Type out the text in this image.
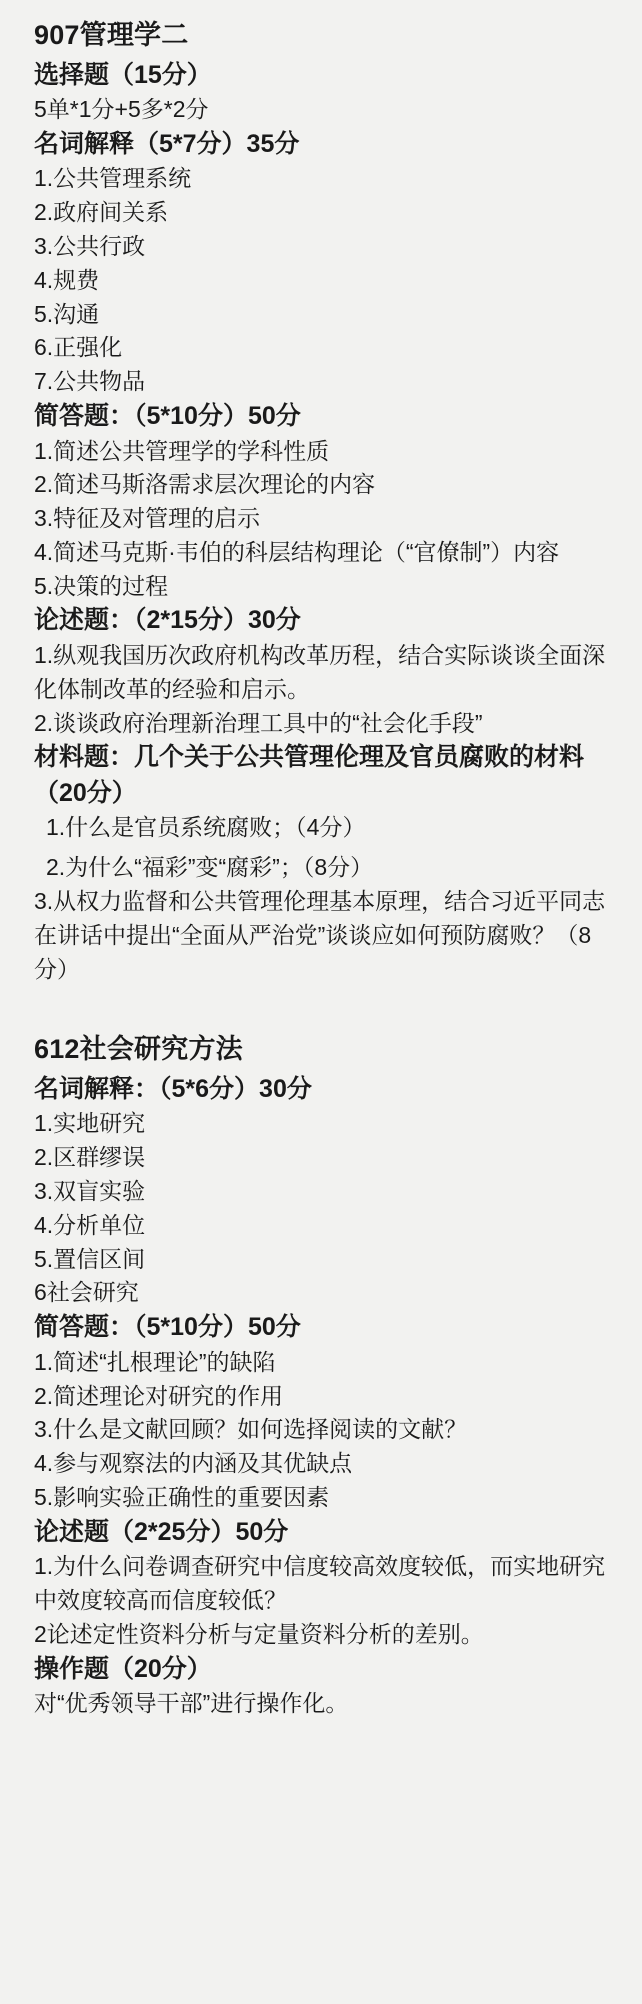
907管理学二
选择题（15分）
5单*1分+5多*2分
名词解释（5*7分）35分
1.公共管理系统
2.政府间关系
3.公共行政
4.规费
5.沟通
6.正强化
7.公共物品
简答题：（5*10分）50分
1.简述公共管理学的学科性质
2.简述马斯洛需求层次理论的内容
3.特征及对管理的启示
4.简述马克斯·韦伯的科层结构理论（“官僚制”）内容
5.决策的过程
论述题：（2*15分）30分
1.纵观我国历次政府机构改革历程，结合实际谈谈全面深化体制改革的经验和启示。
2.谈谈政府治理新治理工具中的“社会化手段”
材料题：几个关于公共管理伦理及官员腐败的材料（20分）
1.什么是官员系统腐败；（4分）
2.为什么“福彩”变“腐彩”；（8分）
3.从权力监督和公共管理伦理基本原理，结合习近平同志在讲话中提出“全面从严治党”谈谈应如何预防腐败？（8分）
612社会研究方法
名词解释：（5*6分）30分
1.实地研究
2.区群缪误
3.双盲实验
4.分析单位
5.置信区间
6社会研究
简答题：（5*10分）50分
1.简述“扎根理论”的缺陷
2.简述理论对研究的作用
3.什么是文献回顾？如何选择阅读的文献？
4.参与观察法的内涵及其优缺点
5.影响实验正确性的重要因素
论述题（2*25分）50分
1.为什么问卷调查研究中信度较高效度较低，而实地研究中效度较高而信度较低？
2论述定性资料分析与定量资料分析的差别。
操作题（20分）
对“优秀领导干部”进行操作化。
